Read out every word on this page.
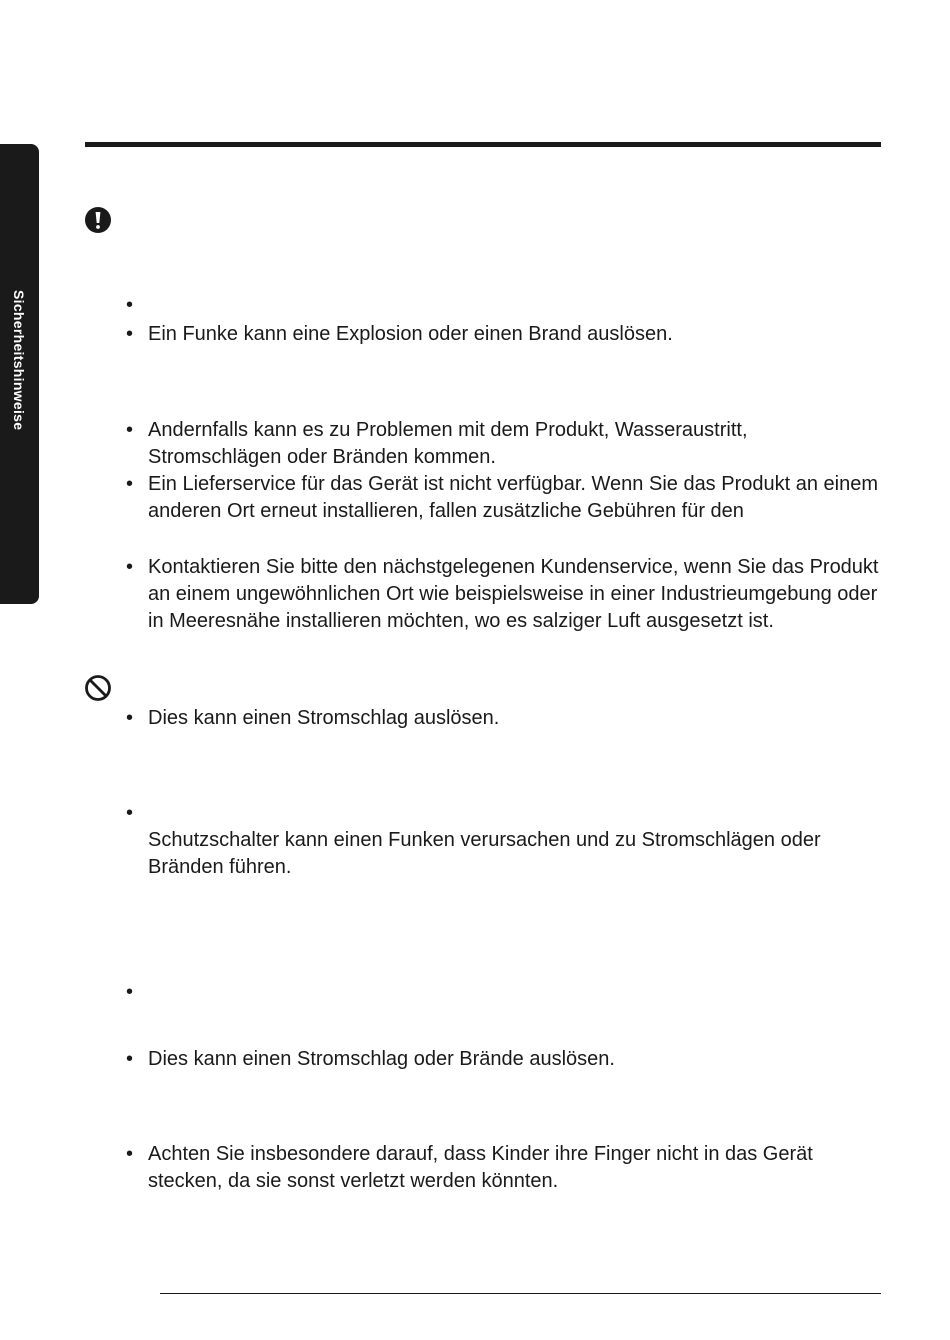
Sicherheitshinweise	•
• Ein Funke kann eine Explosion oder einen Brand auslösen.
• Andernfalls kann es zu Problemen mit dem Produkt, Wasseraustritt, Stromschlägen oder Bränden kommen.
• Ein Lieferservice für das Gerät ist nicht verfügbar. Wenn Sie das Produkt an einem anderen Ort erneut installieren, fallen zusätzliche Gebühren für den
• Kontaktieren Sie bitte den nächstgelegenen Kundenservice, wenn Sie das Produkt an einem ungewöhnlichen Ort wie beispielsweise in einer Industrieumgebung oder in Meeresnähe installieren möchten, wo es salziger Luft ausgesetzt ist.
• Dies kann einen Stromschlag auslösen.
•
Schutzschalter kann einen Funken verursachen und zu Stromschlägen oder Bränden führen.
•
• Dies kann einen Stromschlag oder Brände auslösen.
• Achten Sie insbesondere darauf, dass Kinder ihre Finger nicht in das Gerät stecken, da sie sonst verletzt werden könnten.
